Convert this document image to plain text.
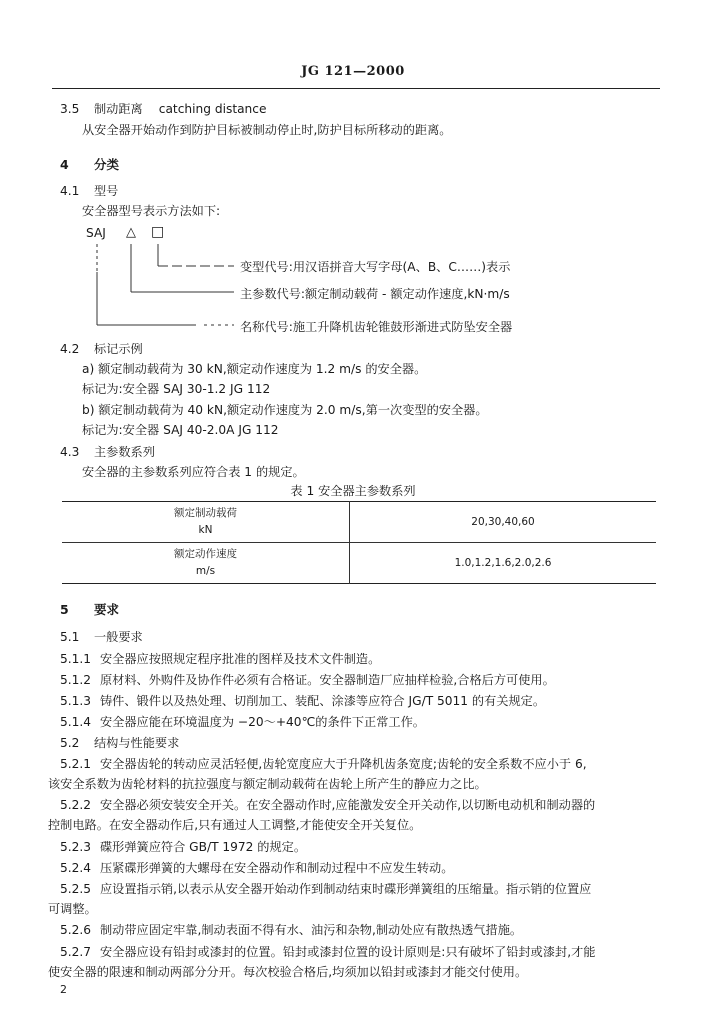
JG 121—2000
3.5 制动距离 catching distance
从安全器开始动作到防护目标被制动停止时,防护目标所移动的距离。
4 分类
4.1 型号
安全器型号表示方法如下:
SAJ △ □
变型代号:用汉语拼音大写字母(A、B、C……)表示
主参数代号:额定制动载荷 - 额定动作速度,kN·m/s
名称代号:施工升降机齿轮锥鼓形渐进式防坠安全器
4.2 标记示例
a) 额定制动载荷为 30 kN,额定动作速度为 1.2 m/s 的安全器。
标记为:安全器 SAJ 30-1.2 JG 112
b) 额定制动载荷为 40 kN,额定动作速度为 2.0 m/s,第一次变型的安全器。
标记为:安全器 SAJ 40-2.0A JG 112
4.3 主参数系列
安全器的主参数系列应符合表 1 的规定。
表 1 安全器主参数系列
额定制动载荷
kN	20,30,40,60

额定动作速度
m/s	1.0,1.2,1.6,2.0,2.6
5 要求
5.1 一般要求
5.1.1 安全器应按照规定程序批准的图样及技术文件制造。
5.1.2 原材料、外购件及协作件必须有合格证。安全器制造厂应抽样检验,合格后方可使用。
5.1.3 铸件、锻件以及热处理、切削加工、装配、涂漆等应符合 JG/T 5011 的有关规定。
5.1.4 安全器应能在环境温度为 −20～+40℃的条件下正常工作。
5.2 结构与性能要求
5.2.1 安全器齿轮的转动应灵活轻便,齿轮宽度应大于升降机齿条宽度;齿轮的安全系数不应小于 6,
该安全系数为齿轮材料的抗拉强度与额定制动载荷在齿轮上所产生的静应力之比。
5.2.2 安全器必须安装安全开关。在安全器动作时,应能激发安全开关动作,以切断电动机和制动器的
控制电路。在安全器动作后,只有通过人工调整,才能使安全开关复位。
5.2.3 碟形弹簧应符合 GB/T 1972 的规定。
5.2.4 压紧碟形弹簧的大螺母在安全器动作和制动过程中不应发生转动。
5.2.5 应设置指示销,以表示从安全器开始动作到制动结束时碟形弹簧组的压缩量。指示销的位置应
可调整。
5.2.6 制动带应固定牢靠,制动表面不得有水、油污和杂物,制动处应有散热透气措施。
5.2.7 安全器应设有铅封或漆封的位置。铅封或漆封位置的设计原则是:只有破坏了铅封或漆封,才能
使安全器的限速和制动两部分分开。每次校验合格后,均须加以铅封或漆封才能交付使用。
2
